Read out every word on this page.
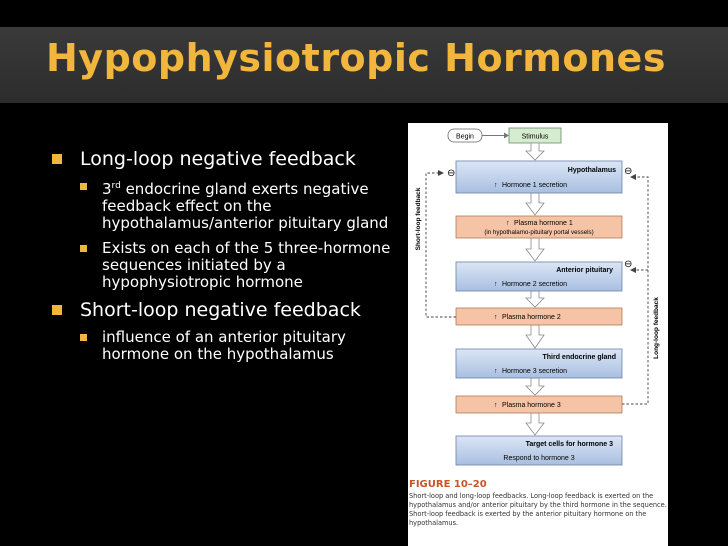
Hypophysiotropic Hormones
Long-loop negative feedback
3rd endocrine gland exerts negative feedback effect on the hypothalamus/anterior pituitary gland
Exists on each of the 5 three-hormone sequences initiated by a hypophysiotropic hormone
Short-loop negative feedback
influence of an anterior pituitary hormone on the hypothalamus
Begin	Stimulus
Hypothalamus
↑ Hormone 1 secretion
↑ Plasma hormone 1
(in hypothalamo-pituitary portal vessels)
Anterior pituitary
↑ Hormone 2 secretion
↑ Plasma hormone 2
Third endocrine gland
↑ Hormone 3 secretion
↑ Plasma hormone 3
Target cells for hormone 3
Respond to hormone 3
⊖
Short-loop feedback
⊖
⊖
Long-loop feedback
FIGURE 10–20
Short-loop and long-loop feedbacks. Long-loop feedback is exerted on the hypothalamus and/or anterior pituitary by the third hormone in the sequence. Short-loop feedback is exerted by the anterior pituitary hormone on the hypothalamus.
